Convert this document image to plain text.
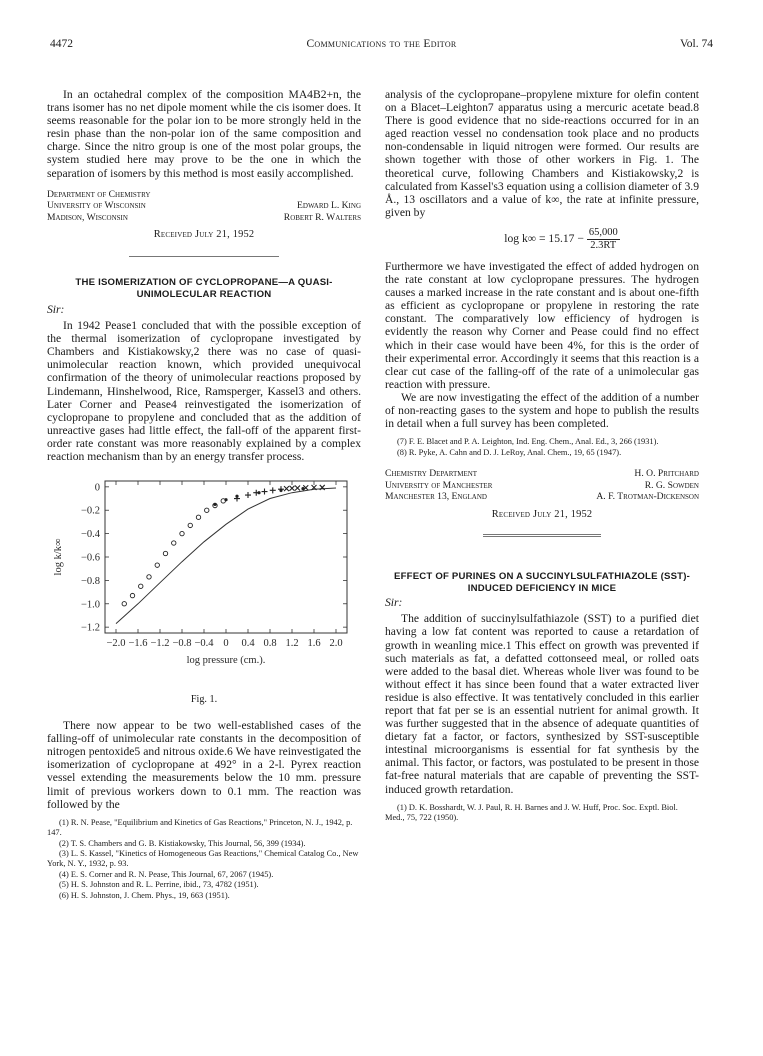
4472	Communications to the Editor	Vol. 74

In an octahedral complex of the composition MA4B2+n, the trans isomer has no net dipole moment while the cis isomer does. It seems reasonable for the polar ion to be more strongly held in the resin phase than the non-polar ion of the same composition and charge. Since the nitro group is one of the most polar groups, the system studied here may prove to be the one in which the separation of isomers by this method is most easily accomplished.

Department of Chemistry
University of Wisconsin	Edward L. King
Madison, Wisconsin	Robert R. Walters
Received July 21, 1952
THE ISOMERIZATION OF CYCLOPROPANE—A QUASI-UNIMOLECULAR REACTION
Sir:

In 1942 Pease1 concluded that with the possible exception of the thermal isomerization of cyclopropane investigated by Chambers and Kistiakowsky,2 there was no case of quasi-unimolecular reaction known, which provided unequivocal confirmation of the theory of unimolecular reactions proposed by Lindemann, Hinshelwood, Rice, Ramsperger, Kassel3 and others. Later Corner and Pease4 reinvestigated the isomerization of cyclopropane to propylene and concluded that as the addition of unreactive gases had little effect, the fall-off of the apparent first-order rate constant was more reasonably explained by a complex reaction mechanism than by an energy transfer process.

−2.0 −1.6 −1.2 −0.8 −0.4 0 0.4 0.8 1.2 1.6 2.0
0
−0.2
−0.4
−0.6
−0.8
−1.0
−1.2
log k/k∞
log pressure (cm.).
Fig. 1.

There now appear to be two well-established cases of the falling-off of unimolecular rate constants in the decomposition of nitrogen pentoxide5 and nitrous oxide.6 We have reinvestigated the isomerization of cyclopropane at 492° in a 2-l. Pyrex reaction vessel extending the measurements below the 10 mm. pressure limit of previous workers down to 0.1 mm. The reaction was followed by the

(1) R. N. Pease, "Equilibrium and Kinetics of Gas Reactions," Princeton, N. J., 1942, p. 147.
(2) T. S. Chambers and G. B. Kistiakowsky, This Journal, 56, 399 (1934).
(3) L. S. Kassel, "Kinetics of Homogeneous Gas Reactions," Chemical Catalog Co., New York, N. Y., 1932, p. 93.
(4) E. S. Corner and R. N. Pease, This Journal, 67, 2067 (1945).
(5) H. S. Johnston and R. L. Perrine, ibid., 73, 4782 (1951).
(6) H. S. Johnston, J. Chem. Phys., 19, 663 (1951).

analysis of the cyclopropane–propylene mixture for olefin content on a Blacet–Leighton7 apparatus using a mercuric acetate bead.8 There is good evidence that no side-reactions occurred for in an aged reaction vessel no condensation took place and no products non-condensable in liquid nitrogen were formed. Our results are shown together with those of other workers in Fig. 1. The theoretical curve, following Chambers and Kistiakowsky,2 is calculated from Kassel's3 equation using a collision diameter of 3.9 Å., 13 oscillators and a value of k∞, the rate at infinite pressure, given by

$\log k\infty = 15.17 - \frac{65,000}{2.3RT}$

Furthermore we have investigated the effect of added hydrogen on the rate constant at low cyclopropane pressures. The hydrogen causes a marked increase in the rate constant and is about one-fifth as efficient as cyclopropane or propylene in restoring the rate constant. The comparatively low efficiency of hydrogen is evidently the reason why Corner and Pease could find no effect which in their case would have been 4%, for this is the order of their experimental error. Accordingly it seems that this reaction is a clear cut case of the falling-off of the rate of a unimolecular gas reaction with pressure.

We are now investigating the effect of the addition of a number of non-reacting gases to the system and hope to publish the results in detail when a full survey has been completed.

(7) F. E. Blacet and P. A. Leighton, Ind. Eng. Chem., Anal. Ed., 3, 266 (1931).
(8) R. Pyke, A. Cahn and D. J. LeRoy, Anal. Chem., 19, 65 (1947).
Chemistry Department	H. O. Pritchard
University of Manchester	R. G. Sowden
Manchester 13, England	A. F. Trotman-Dickenson
Received July 21, 1952
EFFECT OF PURINES ON A SUCCINYLSULFATHIAZOLE (SST)-INDUCED DEFICIENCY IN MICE
Sir:

The addition of succinylsulfathiazole (SST) to a purified diet having a low fat content was reported to cause a retardation of growth in weanling mice.1 This effect on growth was prevented if such materials as fat, a defatted cottonseed meal, or rolled oats were added to the basal diet. Whereas whole liver was found to be without effect it has since been found that a water extracted liver residue is also effective. It was tentatively concluded in this earlier report that fat per se is an essential nutrient for animal growth. It was further suggested that in the absence of adequate quantities of dietary fat a factor, or factors, synthesized by SST-susceptible intestinal microorganisms is essential for fat synthesis by the animal. This factor, or factors, was postulated to be present in those fat-free natural materials that are capable of preventing the SST-induced growth retardation.

(1) D. K. Bosshardt, W. J. Paul, R. H. Barnes and J. W. Huff, Proc. Soc. Exptl. Biol. Med., 75, 722 (1950).
